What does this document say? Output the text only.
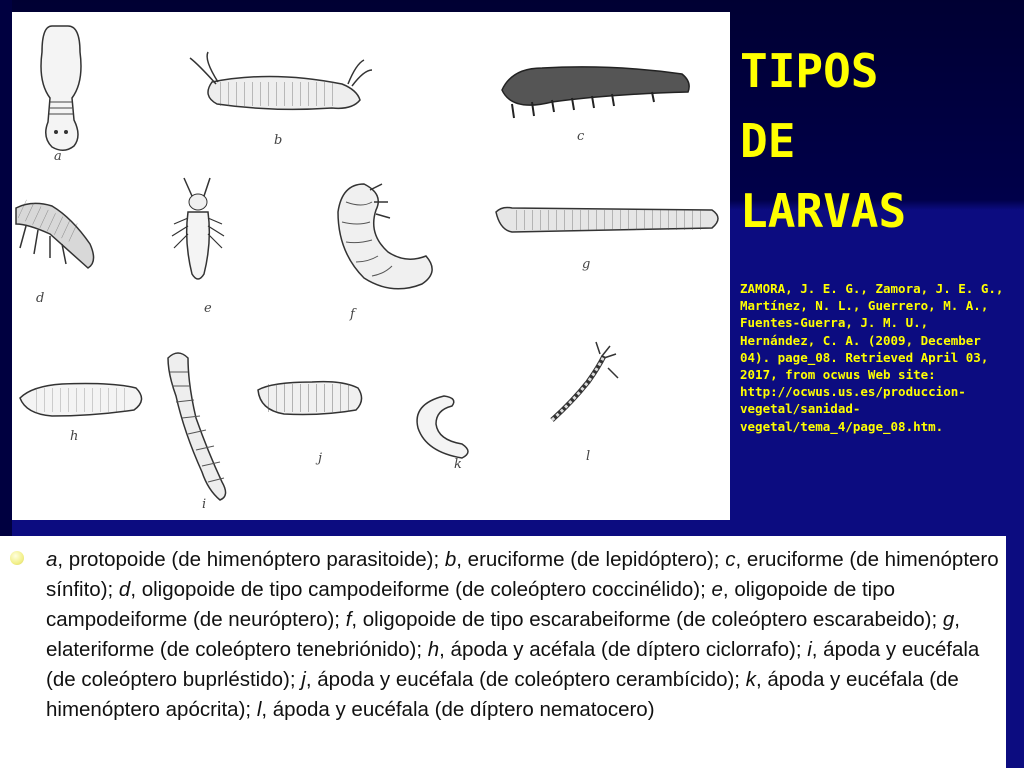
a
b	c
d
e	f
g
h
i
j	k
l
TIPOS
DE
LARVAS
ZAMORA, J. E. G., Zamora, J. E. G., Martínez, N. L., Guerrero, M. A., Fuentes-Guerra, J. M. U., Hernández, C. A. (2009, December 04). page_08. Retrieved April 03, 2017, from ocwus Web site: http://ocwus.us.es/produccion-vegetal/sanidad-vegetal/tema_4/page_08.htm.
a, protopoide (de himenóptero parasitoide); b, eruciforme (de lepidóptero); c, eruciforme (de himenóptero sínfito); d, oligopoide de tipo campodeiforme (de coleóptero coccinélido); e, oligopoide de tipo campodeiforme (de neuróptero); f, oligopoide de tipo escarabeiforme (de coleóptero escarabeido); g, elateriforme (de coleóptero tenebriónido); h, ápoda y acéfala (de díptero ciclorrafo); i, ápoda y eucéfala (de coleóptero buprléstido); j, ápoda y eucéfala (de coleóptero cerambícido); k, ápoda y eucéfala (de himenóptero apócrita); l, ápoda y eucéfala (de díptero nematocero)
